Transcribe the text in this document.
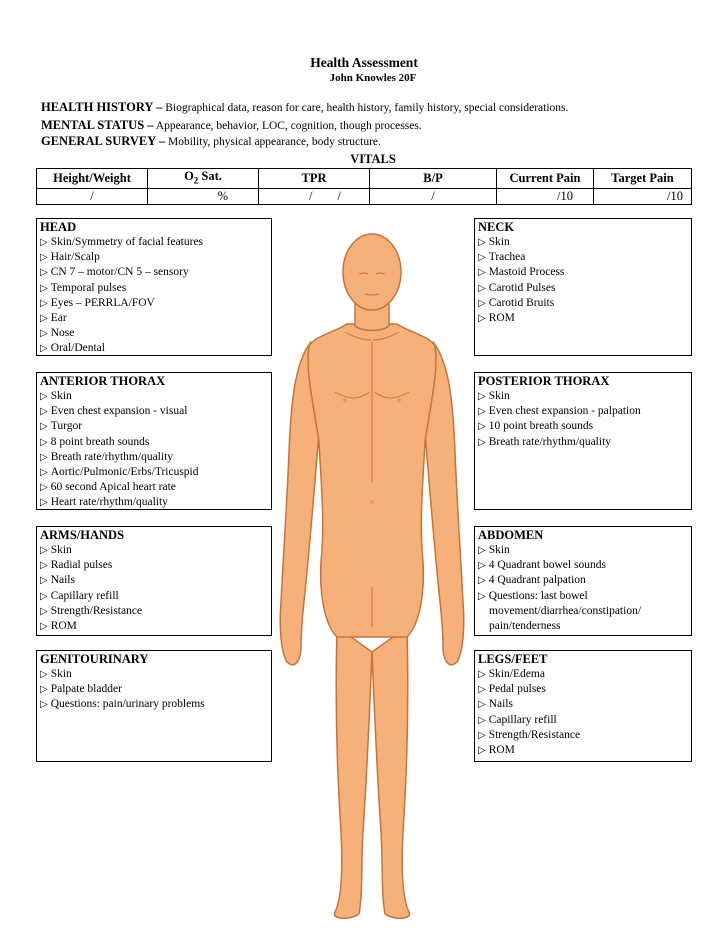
Health Assessment
John Knowles 20F
HEALTH HISTORY – Biographical data, reason for care, health history, family history, special considerations.
MENTAL STATUS – Appearance, behavior, LOC, cognition, though processes.
GENERAL SURVEY – Mobility, physical appearance, body structure.
VITALS
Height/Weight	$O_2$ Sat.	TPR	B/P	Current Pain	Target Pain
/	%	/        /	/	/10	/10
HEAD
▷ Skin/Symmetry of facial features
▷ Hair/Scalp
▷ CN 7 – motor/CN 5 – sensory
▷ Temporal pulses
▷ Eyes – PERRLA/FOV
▷ Ear
▷ Nose
▷ Oral/Dental
ANTERIOR THORAX
▷ Skin
▷ Even chest expansion - visual
▷ Turgor
▷ 8 point breath sounds
▷ Breath rate/rhythm/quality
▷ Aortic/Pulmonic/Erbs/Tricuspid
▷ 60 second Apical heart rate
▷ Heart rate/rhythm/quality
ARMS/HANDS
▷ Skin
▷ Radial pulses
▷ Nails
▷ Capillary refill
▷ Strength/Resistance
▷ ROM
GENITOURINARY
▷ Skin
▷ Palpate bladder
▷ Questions: pain/urinary problems
NECK
▷ Skin
▷ Trachea
▷ Mastoid Process
▷ Carotid Pulses
▷ Carotid Bruits
▷ ROM
POSTERIOR THORAX
▷ Skin
▷ Even chest expansion - palpation
▷ 10 point breath sounds
▷ Breath rate/rhythm/quality
ABDOMEN
▷ Skin
▷ 4 Quadrant bowel sounds
▷ 4 Quadrant palpation
▷ Questions: last bowel
movement/diarrhea/constipation/
pain/tenderness
LEGS/FEET
▷ Skin/Edema
▷ Pedal pulses
▷ Nails
▷ Capillary refill
▷ Strength/Resistance
▷ ROM
